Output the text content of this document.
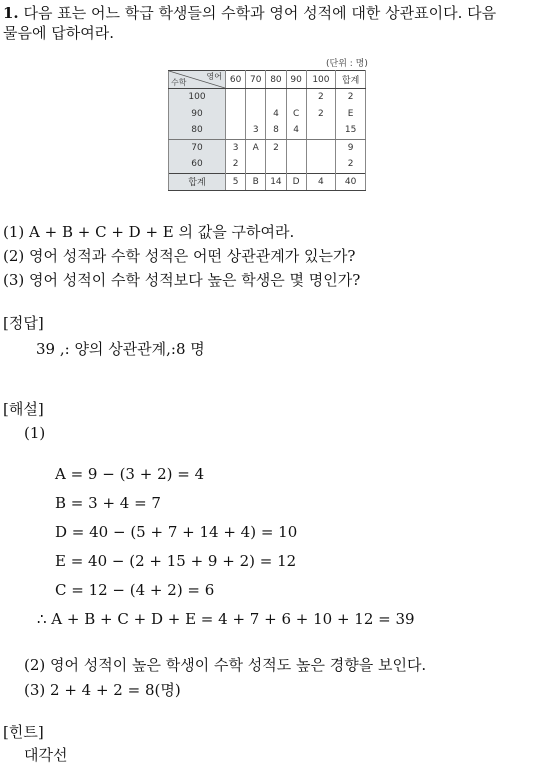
1. 다음 표는 어느 학급 학생들의 수학과 영어 성적에 대한 상관표이다. 다음
물음에 답하여라.
(단위 : 명)
영어
수학	60	70	80	90	100	합계
100					2	2
90			4	C	2	E
80		3	8	4		15
70	3	A	2			9
60	2					2
합계	5	B	14	D	4	40
(1) A + B + C + D + E 의 값을 구하여라.
(2) 영어 성적과 수학 성적은 어떤 상관관계가 있는가?
(3) 영어 성적이 수학 성적보다 높은 학생은 몇 명인가?
[정답]
39 ,: 양의 상관관계,:8 명
[해설]
(1)
A = 9 − (3 + 2) = 4
B = 3 + 4 = 7
D = 40 − (5 + 7 + 14 + 4) = 10
E = 40 − (2 + 15 + 9 + 2) = 12
C = 12 − (4 + 2) = 6
∴ A + B + C + D + E = 4 + 7 + 6 + 10 + 12 = 39
(2) 영어 성적이 높은 학생이 수학 성적도 높은 경향을 보인다.
(3) 2 + 4 + 2 = 8(명)
[힌트]
대각선
